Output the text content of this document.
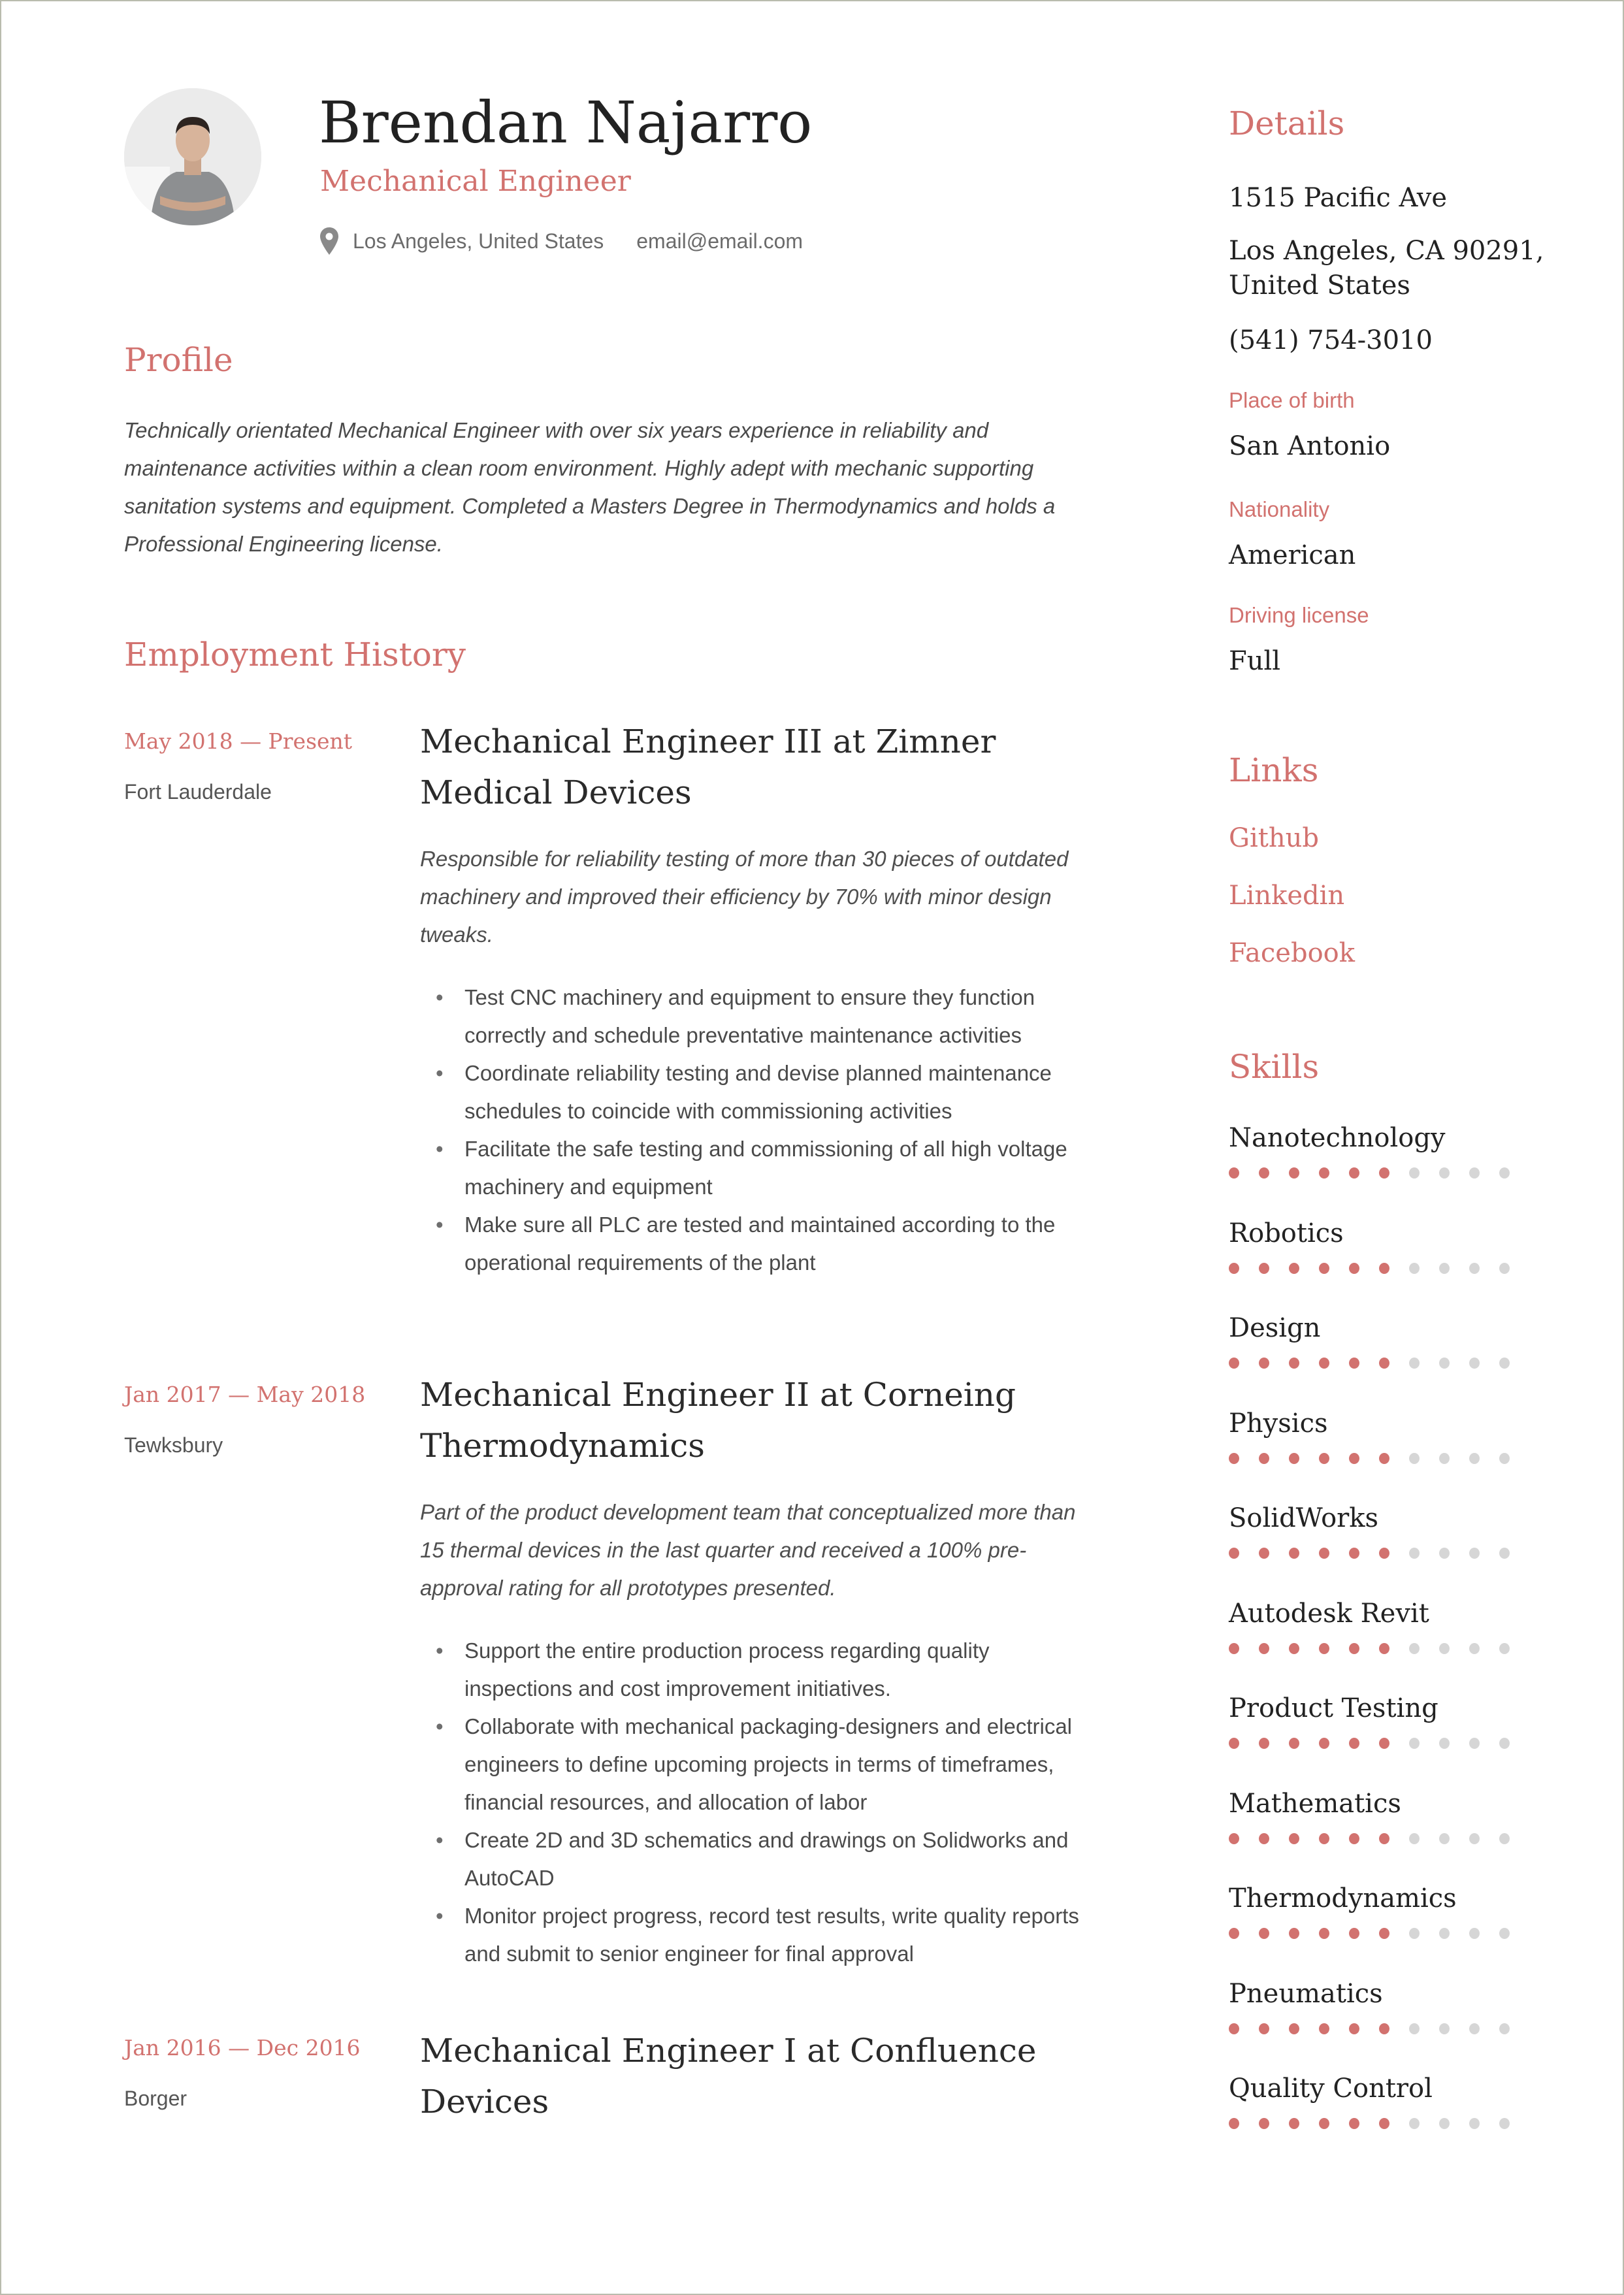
Brendan Najarro
Mechanical Engineer
Los Angeles, United States email@email.com
Profile
Technically orientated Mechanical Engineer with over six years experience in reliability and maintenance activities within a clean room environment. Highly adept with mechanic supporting sanitation systems and equipment. Completed a Masters Degree in Thermodynamics and holds a Professional Engineering license.
Employment History
May 2018 — Present
Fort Lauderdale
Mechanical Engineer III at Zimner Medical Devices
Responsible for reliability testing of more than 30 pieces of outdated machinery and improved their efficiency by 70% with minor design tweaks.
• Test CNC machinery and equipment to ensure they function correctly and schedule preventative maintenance activities
• Coordinate reliability testing and devise planned maintenance schedules to coincide with commissioning activities
• Facilitate the safe testing and commissioning of all high voltage machinery and equipment
• Make sure all PLC are tested and maintained according to the operational requirements of the plant
Jan 2017 — May 2018
Tewksbury
Mechanical Engineer II at Corneing Thermodynamics
Part of the product development team that conceptualized more than 15 thermal devices in the last quarter and received a 100% pre-approval rating for all prototypes presented.
• Support the entire production process regarding quality inspections and cost improvement initiatives.
• Collaborate with mechanical packaging-designers and electrical engineers to define upcoming projects in terms of timeframes, financial resources, and allocation of labor
• Create 2D and 3D schematics and drawings on Solidworks and AutoCAD
• Monitor project progress, record test results, write quality reports and submit to senior engineer for final approval
Jan 2016 — Dec 2016
Borger
Mechanical Engineer I at Confluence Devices
Details
1515 Pacific Ave
Los Angeles, CA 90291,
United States
(541) 754-3010
Place of birth
San Antonio
Nationality
American
Driving license
Full
Links
Github
Linkedin
Facebook
Skills
Nanotechnology
Robotics
Design
Physics
SolidWorks
Autodesk Revit
Product Testing
Mathematics
Thermodynamics
Pneumatics
Quality Control
